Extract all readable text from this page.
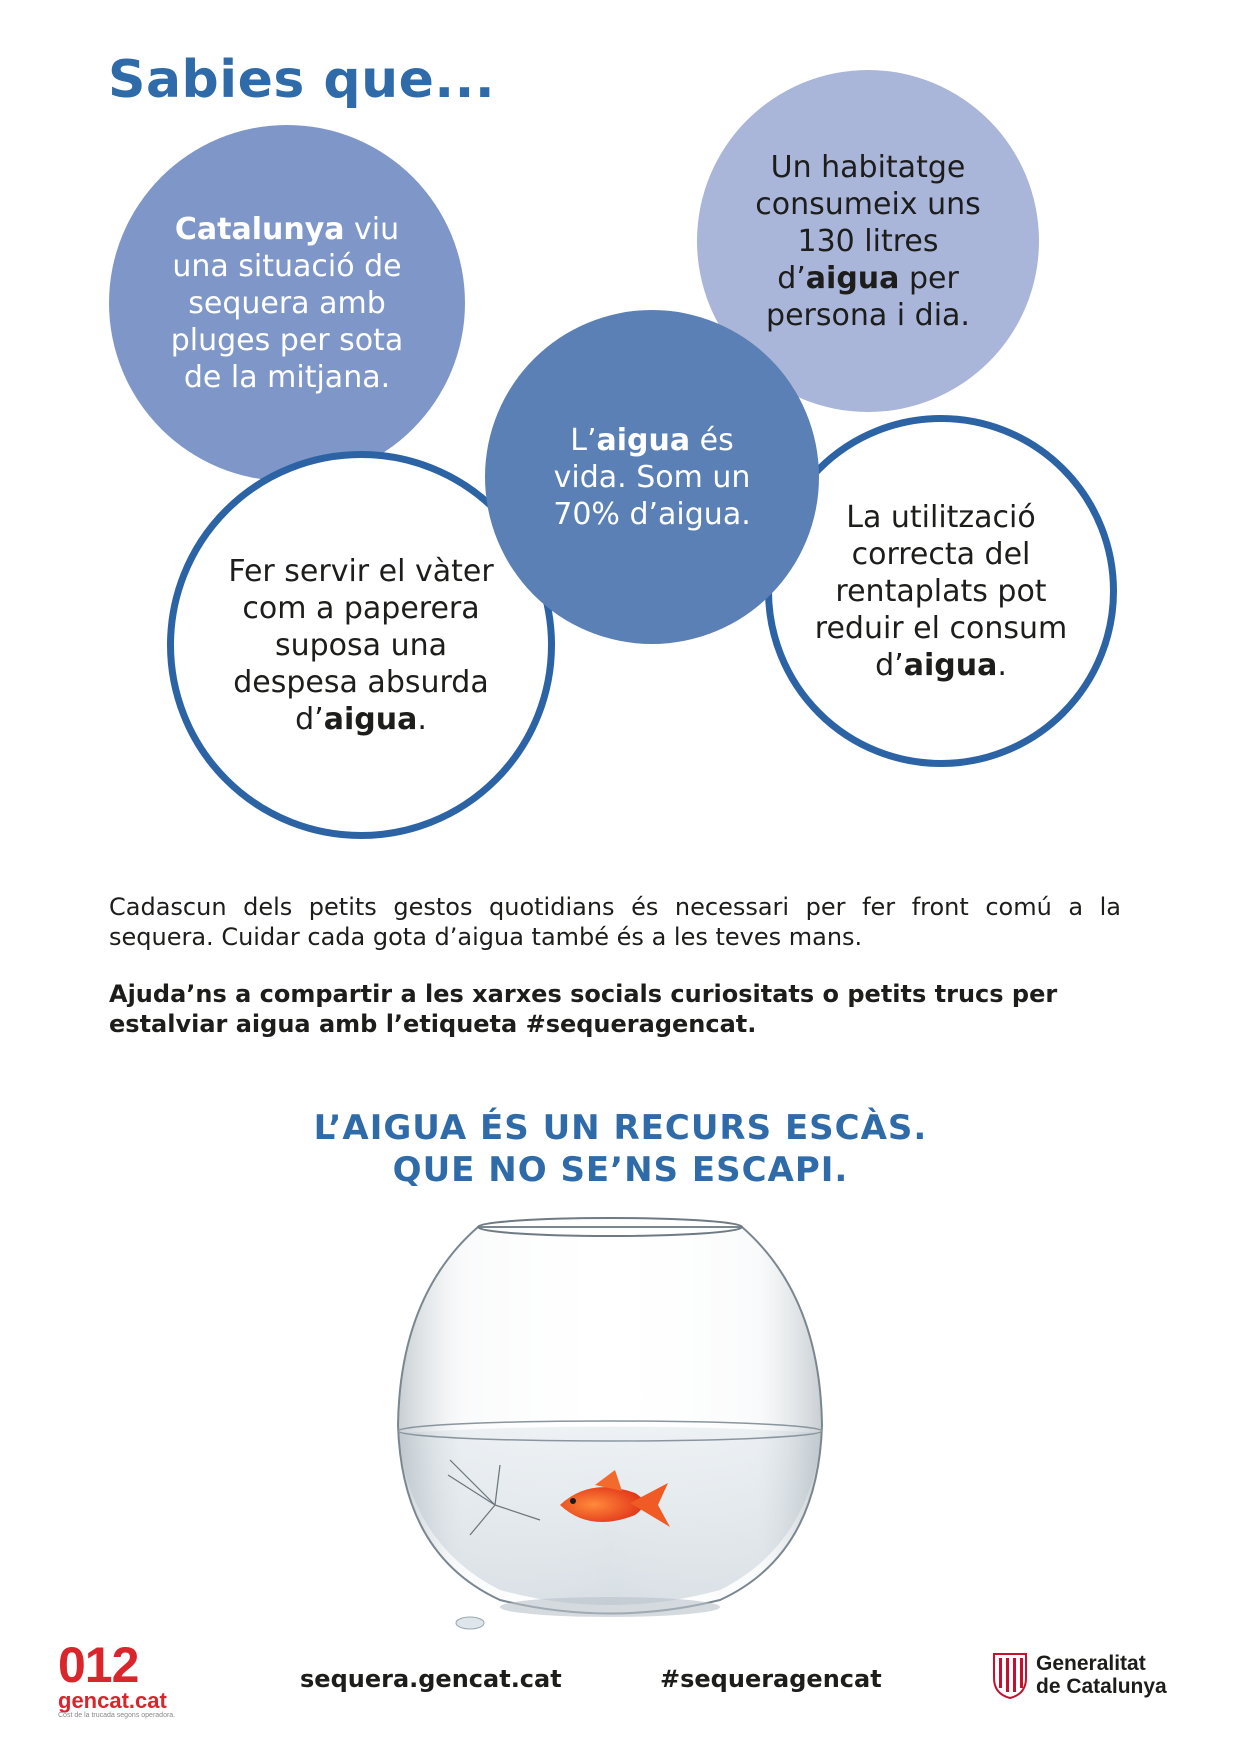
Sabies que...

Catalunya viu una situació de sequera amb pluges per sota de la mitjana.

Fer servir el vàter com a paperera suposa una despesa absurda d’aigua.

Un habitatge consumeix uns 130 litres d’aigua per persona i dia.

La utilització correcta del rentaplats pot reduir el consum d’aigua.

L’aigua és vida. Som un 70% d’aigua.

Cadascun dels petits gestos quotidians és necessari per fer front comú a la sequera. Cuidar cada gota d’aigua també és a les teves mans.

Ajuda’ns a compartir a les xarxes socials curiositats o petits trucs per estalviar aigua amb l’etiqueta #sequeragencat.

L’AIGUA ÉS UN RECURS ESCÀS.

QUE NO SE’NS ESCAPI.

012
gencat.cat
Cost de la trucada segons operadora.
sequera.gencat.cat	#sequeragencat
Generalitat
de Catalunya
